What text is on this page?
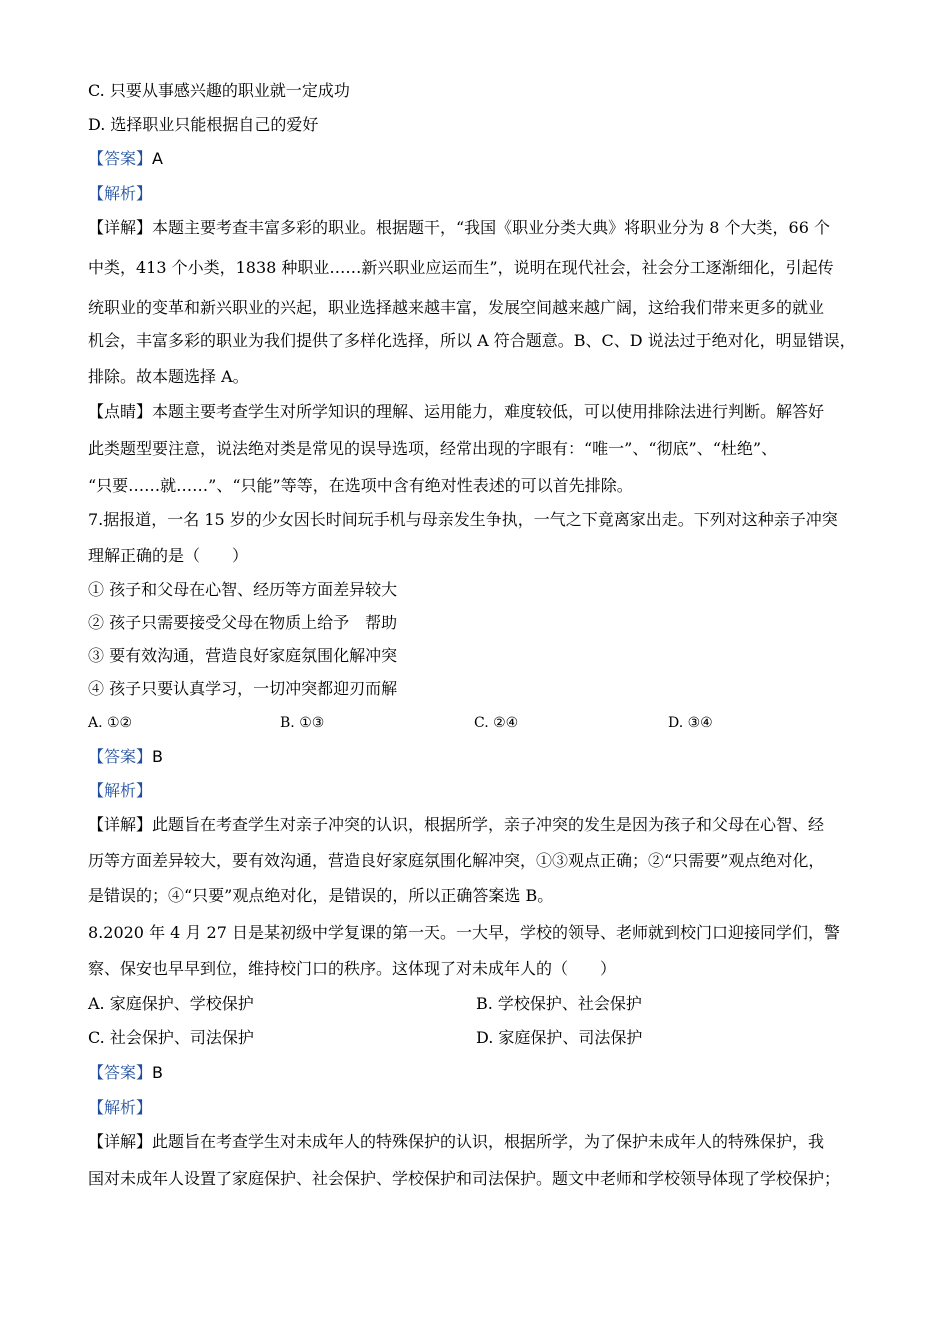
C. 只要从事感兴趣的职业就一定成功
D. 选择职业只能根据自己的爱好
【答案】A
【解析】
【详解】本题主要考查丰富多彩的职业。根据题干，“我国《职业分类大典》将职业分为 8 个大类，66 个
中类，413 个小类，1838 种职业……新兴职业应运而生”，说明在现代社会，社会分工逐渐细化，引起传
统职业的变革和新兴职业的兴起，职业选择越来越丰富，发展空间越来越广阔，这给我们带来更多的就业
机会，丰富多彩的职业为我们提供了多样化选择，所以 A 符合题意。B、C、D 说法过于绝对化，明显错误，
排除。故本题选择 A。
【点睛】本题主要考查学生对所学知识的理解、运用能力，难度较低，可以使用排除法进行判断。解答好
此类题型要注意，说法绝对类是常见的误导选项，经常出现的字眼有：“唯一”、“彻底”、“杜绝”、
“只要……就……”、“只能”等等，在选项中含有绝对性表述的可以首先排除。
7.据报道，一名 15 岁的少女因长时间玩手机与母亲发生争执，一气之下竟离家出走。下列对这种亲子冲突
理解正确的是（　　）
① 孩子和父母在心智、经历等方面差异较大
② 孩子只需要接受父母在物质上给予　帮助
③ 要有效沟通，营造良好家庭氛围化解冲突
④ 孩子只要认真学习，一切冲突都迎刃而解
A. ①②	B. ①③	C. ②④	D. ③④
【答案】B
【解析】
【详解】此题旨在考查学生对亲子冲突的认识，根据所学，亲子冲突的发生是因为孩子和父母在心智、经
历等方面差异较大，要有效沟通，营造良好家庭氛围化解冲突，①③观点正确；②“只需要”观点绝对化，
是错误的；④“只要”观点绝对化，是错误的，所以正确答案选 B。
8.2020 年 4 月 27 日是某初级中学复课的第一天。一大早，学校的领导、老师就到校门口迎接同学们，警
察、保安也早早到位，维持校门口的秩序。这体现了对未成年人的（　　）
A. 家庭保护、学校保护	B. 学校保护、社会保护
C. 社会保护、司法保护	D. 家庭保护、司法保护
【答案】B
【解析】
【详解】此题旨在考查学生对未成年人的特殊保护的认识，根据所学，为了保护未成年人的特殊保护，我
国对未成年人设置了家庭保护、社会保护、学校保护和司法保护。题文中老师和学校领导体现了学校保护；
